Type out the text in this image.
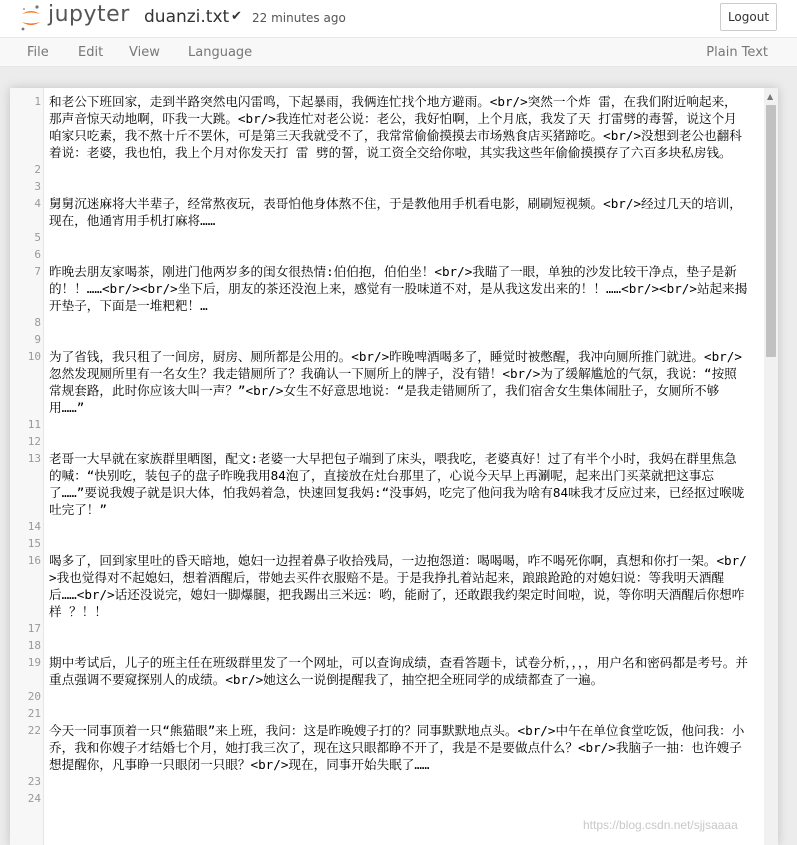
jupyter duanzi.txt ✔ 22 minutes ago	Logout
File Edit View Language	Plain Text
1 和老公下班回家，走到半路突然电闪雷鸣，下起暴雨，我俩连忙找个地方避雨。<br/>突然一个炸 雷，在我们附近响起来，那声音惊天动地啊，吓我一大跳。<br/>我连忙对老公说：老公，我好怕啊，上个月底，我发了天 打雷劈的毒誓，说这个月咱家只吃素，我不熬十斤不罢休，可是第三天我就受不了，我常常偷偷摸摸去市场熟食店买猪蹄吃。<br/>没想到老公也翻科着说：老婆，我也怕，我上个月对你发天打 雷 劈的誓，说工资全交给你啦，其实我这些年偷偷摸摸存了六百多块私房钱。
2
3
4 舅舅沉迷麻将大半辈子，经常熬夜玩，表哥怕他身体熬不住，于是教他用手机看电影，刷刷短视频。<br/>经过几天的培训，现在，他通宵用手机打麻将……
5
6
7 昨晚去朋友家喝茶，刚进门他两岁多的闺女很热情:伯伯抱，伯伯坐！<br/>我瞄了一眼，单独的沙发比较干净点，垫子是新的！！……<br/><br/>坐下后，朋友的茶还没泡上来，感觉有一股味道不对，是从我这发出来的！！……<br/><br/>站起来揭开垫子，下面是一堆粑粑！…
8
9
10 为了省钱，我只租了一间房，厨房、厕所都是公用的。<br/>昨晚啤酒喝多了，睡觉时被憋醒，我冲向厕所推门就进。<br/>忽然发现厕所里有一名女生？我走错厕所了？我确认一下厕所上的牌子，没有错！<br/>为了缓解尴尬的气氛，我说：“按照常规套路，此时你应该大叫一声？”<br/>女生不好意思地说：“是我走错厕所了，我们宿舍女生集体闹肚子，女厕所不够用……”
11
12
13 老哥一大早就在家族群里晒图，配文:老婆一大早把包子端到了床头，喂我吃，老婆真好！过了有半个小时，我妈在群里焦急的喊：“快别吃，装包子的盘子昨晚我用84泡了，直接放在灶台那里了，心说今天早上再涮呢，起来出门买菜就把这事忘了……”要说我嫂子就是识大体，怕我妈着急，快速回复我妈:“没事妈，吃完了他问我为啥有84味我才反应过来，已经抠过喉咙吐完了！”
14
15
16 喝多了，回到家里吐的昏天暗地，媳妇一边捏着鼻子收拾残局，一边抱怨道：喝喝喝，咋不喝死你啊，真想和你打一架。<br/>我也觉得对不起媳妇，想着酒醒后，带她去买件衣服赔不是。于是我挣扎着站起来，踉踉跄跄的对媳妇说：等我明天酒醒后……<br/>话还没说完，媳妇一脚爆腿，把我踢出三米远：哟，能耐了，还敢跟我约架定时间啦，说，等你明天酒醒后你想咋样 ？！！
17
18
19 期中考试后，儿子的班主任在班级群里发了一个网址，可以查询成绩，查看答题卡，试卷分析，，，，用户名和密码都是考号。并重点强调不要窥探别人的成绩。<br/>她这么一说倒提醒我了，抽空把全班同学的成绩都查了一遍。
20
21
22 今天一同事顶着一只“熊猫眼”来上班，我问：这是昨晚嫂子打的？同事默默地点头。<br/>中午在单位食堂吃饭，他问我：小乔，我和你嫂子才结婚七个月，她打我三次了，现在这只眼都睁不开了，我是不是要做点什么？<br/>我脑子一抽：也许嫂子想提醒你，凡事睁一只眼闭一只眼？<br/>现在，同事开始失眠了……
23
24
▲
https://blog.csdn.net/sjjsaaaa
